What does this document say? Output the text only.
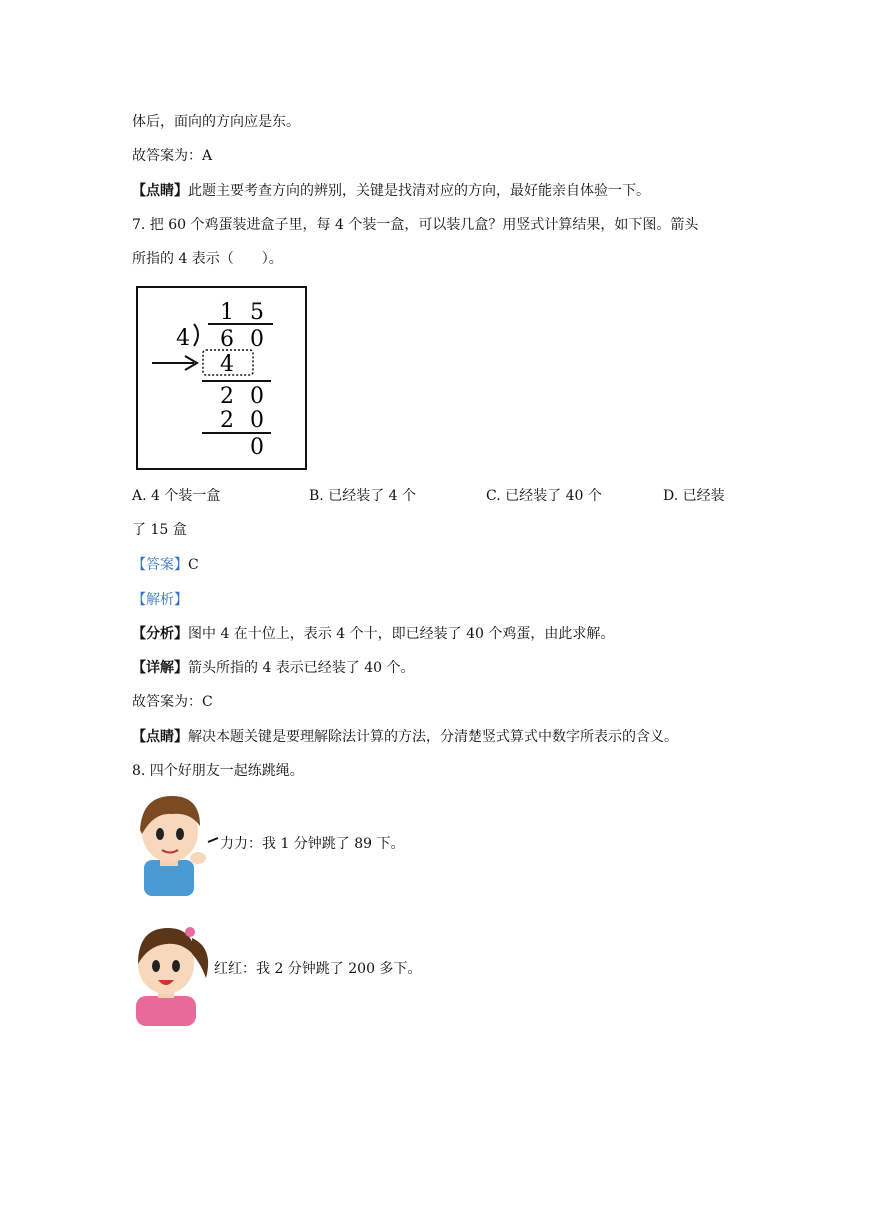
体后，面向的方向应是东。
故答案为：A
【点睛】此题主要考查方向的辨别，关键是找清对应的方向，最好能亲自体验一下。
7. 把 60 个鸡蛋装进盒子里，每 4 个装一盒，可以装几盒？用竖式计算结果，如下图。箭头
所指的 4 表示（　　）。
1 5
4 6 0
4
2 0
2 0
0
A. 4 个装一盒	B. 已经装了 4 个	C. 已经装了 40 个	D. 已经装
了 15 盒
【答案】C
【解析】
【分析】图中 4 在十位上，表示 4 个十，即已经装了 40 个鸡蛋，由此求解。
【详解】箭头所指的 4 表示已经装了 40 个。
故答案为：C
【点睛】解决本题关键是要理解除法计算的方法，分清楚竖式算式中数字所表示的含义。
8. 四个好朋友一起练跳绳。
力力：我 1 分钟跳了 89 下。
红红：我 2 分钟跳了 200 多下。
